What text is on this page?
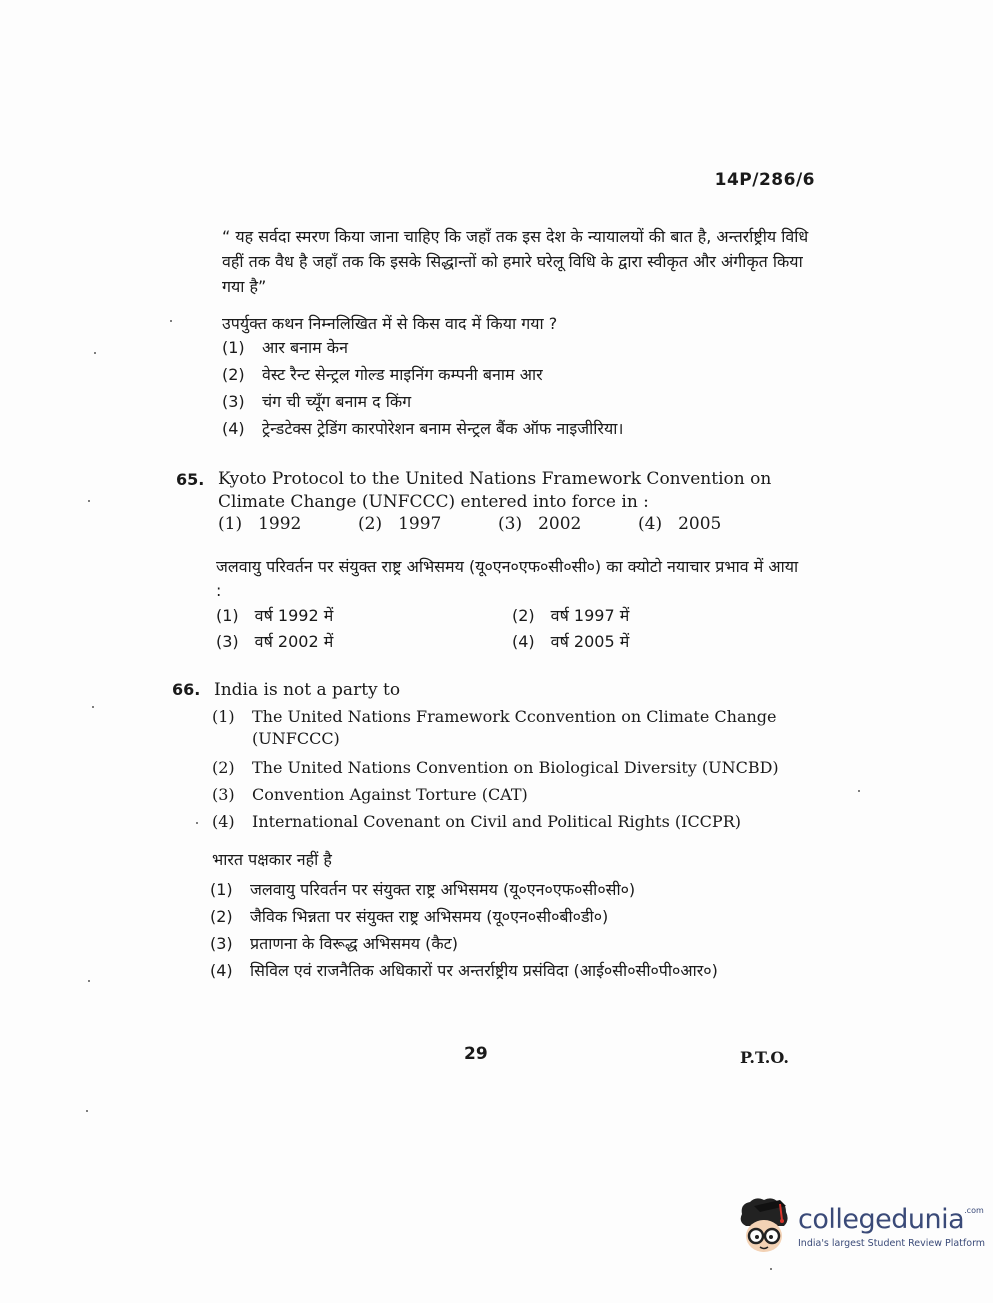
14P/286/6
“ यह सर्वदा स्मरण किया जाना चाहिए कि जहाँ तक इस देश के न्यायालयों की बात है, अन्तर्राष्ट्रीय विधि वहीं तक वैध है जहाँ तक कि इसके सिद्धान्तों को हमारे घरेलू विधि के द्वारा स्वीकृत और अंगीकृत किया गया है”
उपर्युक्त कथन निम्नलिखित में से किस वाद में किया गया ?
(1)	आर बनाम केन
(2)	वेस्ट रैन्ट सेन्ट्रल गोल्ड माइनिंग कम्पनी बनाम आर
(3)	चंग ची च्यूँग बनाम द किंग
(4)	ट्रेन्डटेक्स ट्रेडिंग कारपोरेशन बनाम सेन्ट्रल बैंक ऑफ नाइजीरिया।
65. Kyoto Protocol to the United Nations Framework Convention on Climate Change (UNFCCC) entered into force in :
(1) 1992	(2) 1997	(3) 2002	(4) 2005
जलवायु परिवर्तन पर संयुक्त राष्ट्र अभिसमय (यू०एन०एफ०सी०सी०) का क्योटो नयाचार प्रभाव में आया :
(1) वर्ष 1992 में	(2) वर्ष 1997 में
(3) वर्ष 2002 में	(4) वर्ष 2005 में
66. India is not a party to
(1)	The United Nations Framework Cconvention on Climate Change (UNFCCC)
(2)	The United Nations Convention on Biological Diversity (UNCBD)
(3)	Convention Against Torture (CAT)
(4)	International Covenant on Civil and Political Rights (ICCPR)
भारत पक्षकार नहीं है
(1)	जलवायु परिवर्तन पर संयुक्त राष्ट्र अभिसमय (यू०एन०एफ०सी०सी०)
(2)	जैविक भिन्नता पर संयुक्त राष्ट्र अभिसमय (यू०एन०सी०बी०डी०)
(3)	प्रताणना के विरूद्ध अभिसमय (कैट)
(4)	सिविल एवं राजनैतिक अधिकारों पर अन्तर्राष्ट्रीय प्रसंविदा (आई०सी०सी०पी०आर०)
29	P.T.O.
collegedunia .com
India's largest Student Review Platform
